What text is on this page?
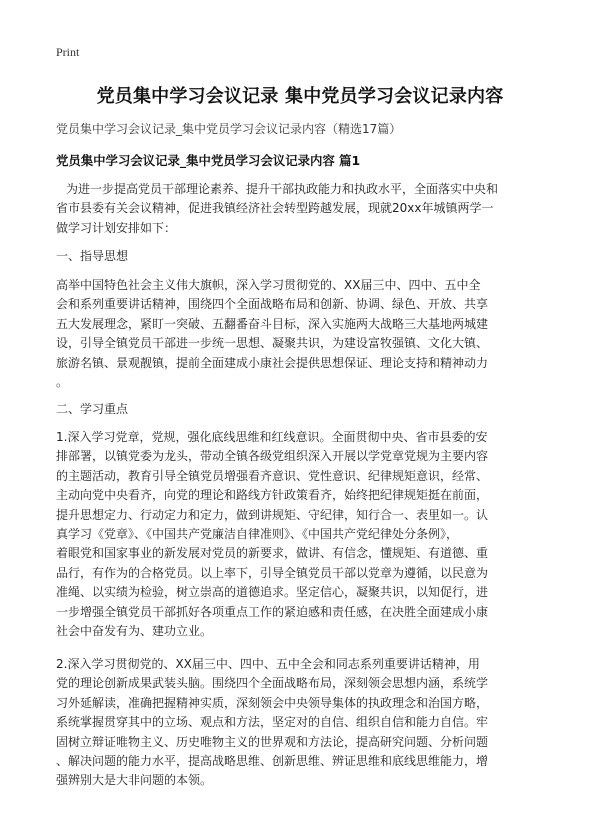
Print
党员集中学习会议记录 集中党员学习会议记录内容
党员集中学习会议记录_集中党员学习会议记录内容（精选17篇）
党员集中学习会议记录_集中党员学习会议记录内容 篇1
为进一步提高党员干部理论素养、提升干部执政能力和执政水平，全面落实中央和
省市县委有关会议精神，促进我镇经济社会转型跨越发展，现就20xx年城镇两学一
做学习计划安排如下：
一、指导思想
高举中国特色社会主义伟大旗帜，深入学习贯彻党的、XX届三中、四中、五中全
会和系列重要讲话精神，围绕四个全面战略布局和创新、协调、绿色、开放、共享
五大发展理念，紧盯一突破、五翻番奋斗目标，深入实施两大战略三大基地两城建
设，引导全镇党员干部进一步统一思想、凝聚共识，为建设富牧强镇、文化大镇、
旅游名镇、景观靓镇，提前全面建成小康社会提供思想保证、理论支持和精神动力
。
二、学习重点
1.深入学习党章，党规，强化底线思维和红线意识。全面贯彻中央、省市县委的安
排部署，以镇党委为龙头，带动全镇各级党组织深入开展以学党章党规为主要内容
的主题活动，教育引导全镇党员增强看齐意识、党性意识、纪律规矩意识，经常、
主动向党中央看齐，向党的理论和路线方针政策看齐，始终把纪律规矩挺在前面，
提升思想定力、行动定力和定力，做到讲规矩、守纪律，知行合一、表里如一。认
真学习《党章》、《中国共产党廉洁自律准则》、《中国共产党纪律处分条例》，
着眼党和国家事业的新发展对党员的新要求，做讲、有信念，懂规矩、有道德、重
品行，有作为的合格党员。以上率下，引导全镇党员干部以党章为遵循，以民意为
准绳、以实绩为检验，树立崇高的道德追求。坚定信心，凝聚共识，以知促行，进
一步增强全镇党员干部抓好各项重点工作的紧迫感和责任感，在决胜全面建成小康
社会中奋发有为、建功立业。
2.深入学习贯彻党的、XX届三中、四中、五中全会和同志系列重要讲话精神，用
党的理论创新成果武装头脑。围绕四个全面战略布局，深刻领会思想内涵，系统学
习外延解读，准确把握精神实质，深刻领会中央领导集体的执政理念和治国方略，
系统掌握贯穿其中的立场、观点和方法，坚定对的自信、组织自信和能力自信。牢
固树立辩证唯物主义、历史唯物主义的世界观和方法论，提高研究问题、分析问题
、解决问题的能力水平，提高战略思维、创新思维、辨证思维和底线思维能力，增
强辨别大是大非问题的本领。
